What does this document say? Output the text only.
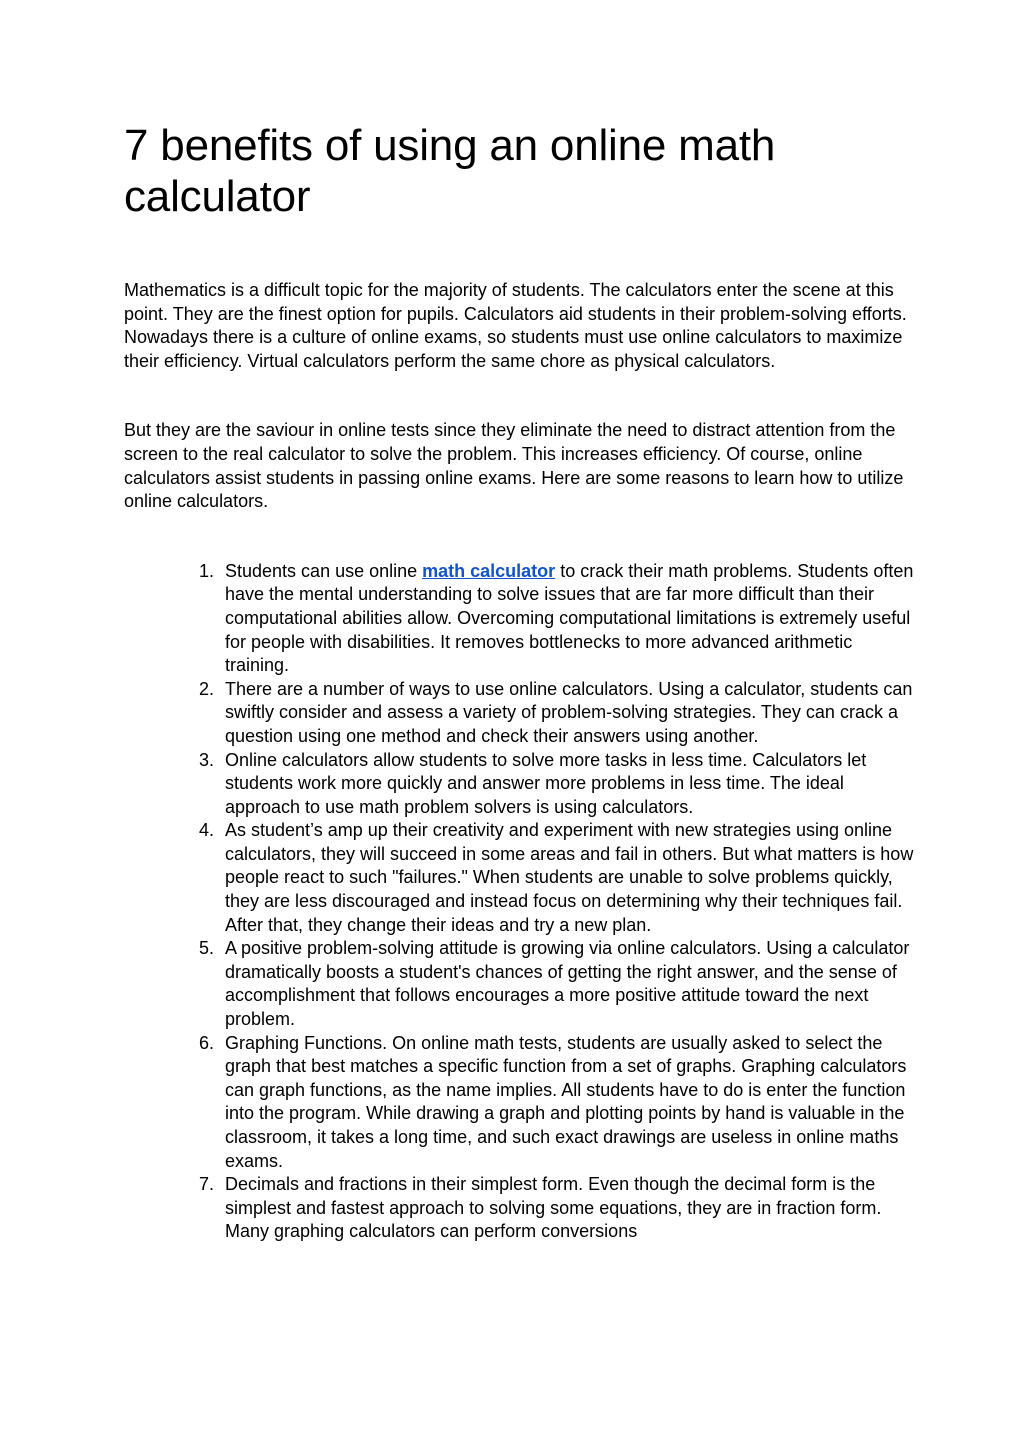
7 benefits of using an online math calculator

Mathematics is a difficult topic for the majority of students. The calculators enter the scene at this point. They are the finest option for pupils. Calculators aid students in their problem-solving efforts. Nowadays there is a culture of online exams, so students must use online calculators to maximize their efficiency. Virtual calculators perform the same chore as physical calculators.

But they are the saviour in online tests since they eliminate the need to distract attention from the screen to the real calculator to solve the problem. This increases efficiency. Of course, online calculators assist students in passing online exams. Here are some reasons to learn how to utilize online calculators.

1. Students can use online math calculator to crack their math problems. Students often have the mental understanding to solve issues that are far more difficult than their computational abilities allow. Overcoming computational limitations is extremely useful for people with disabilities. It removes bottlenecks to more advanced arithmetic training.
2. There are a number of ways to use online calculators. Using a calculator, students can swiftly consider and assess a variety of problem-solving strategies. They can crack a question using one method and check their answers using another.
3. Online calculators allow students to solve more tasks in less time. Calculators let students work more quickly and answer more problems in less time. The ideal approach to use math problem solvers is using calculators.
4. As student’s amp up their creativity and experiment with new strategies using online calculators, they will succeed in some areas and fail in others. But what matters is how people react to such "failures." When students are unable to solve problems quickly, they are less discouraged and instead focus on determining why their techniques fail. After that, they change their ideas and try a new plan.
5. A positive problem-solving attitude is growing via online calculators. Using a calculator dramatically boosts a student's chances of getting the right answer, and the sense of accomplishment that follows encourages a more positive attitude toward the next problem.
6. Graphing Functions. On online math tests, students are usually asked to select the graph that best matches a specific function from a set of graphs. Graphing calculators can graph functions, as the name implies. All students have to do is enter the function into the program. While drawing a graph and plotting points by hand is valuable in the classroom, it takes a long time, and such exact drawings are useless in online maths exams.
7. Decimals and fractions in their simplest form. Even though the decimal form is the simplest and fastest approach to solving some equations, they are in fraction form. Many graphing calculators can perform conversions
